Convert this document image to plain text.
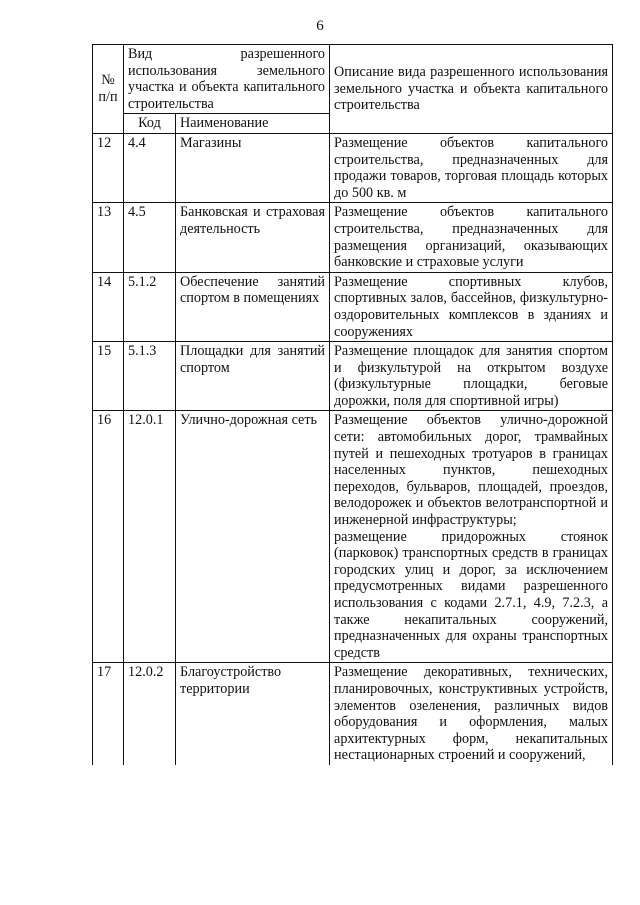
6
№ п/п	Вид разрешенного использования земельного участка и объекта капитального строительства		Описание вида разрешенного использования земельного участка и объекта капитального строительства
	Код	Наименование	
12	4.4	Магазины	Размещение объектов капитального строительства, предназначенных для продажи товаров, торговая площадь которых до 500 кв. м

13	4.5	Банковская и страховая деятельность	Размещение объектов капитального строительства, предназначенных для размещения организаций, оказывающих банковские и страховые услуги

14	5.1.2	Обеспечение занятий спортом в помещениях	Размещение спортивных клубов, спортивных залов, бассейнов, физкультурно-оздоровительных комплексов в зданиях и сооружениях

15	5.1.3	Площадки для занятий спортом	Размещение площадок для занятия спортом и физкультурой на открытом воздухе (физкультурные площадки, беговые дорожки, поля для спортивной игры)

16	12.0.1	Улично-дорожная сеть	Размещение объектов улично-дорожной сети: автомобильных дорог, трамвайных путей и пешеходных тротуаров в границах населенных пунктов, пешеходных переходов, бульваров, площадей, проездов, велодорожек и объектов велотранспортной и инженерной инфраструктуры;
размещение придорожных стоянок (парковок) транспортных средств в границах городских улиц и дорог, за исключением предусмотренных видами разрешенного использования с кодами 2.7.1, 4.9, 7.2.3, а также некапитальных сооружений, предназначенных для охраны транспортных средств

17	12.0.2	Благоустройство территории	Размещение декоративных, технических, планировочных, конструктивных устройств, элементов озеленения, различных видов оборудования и оформления, малых архитектурных форм, некапитальных нестационарных строений и сооружений,
